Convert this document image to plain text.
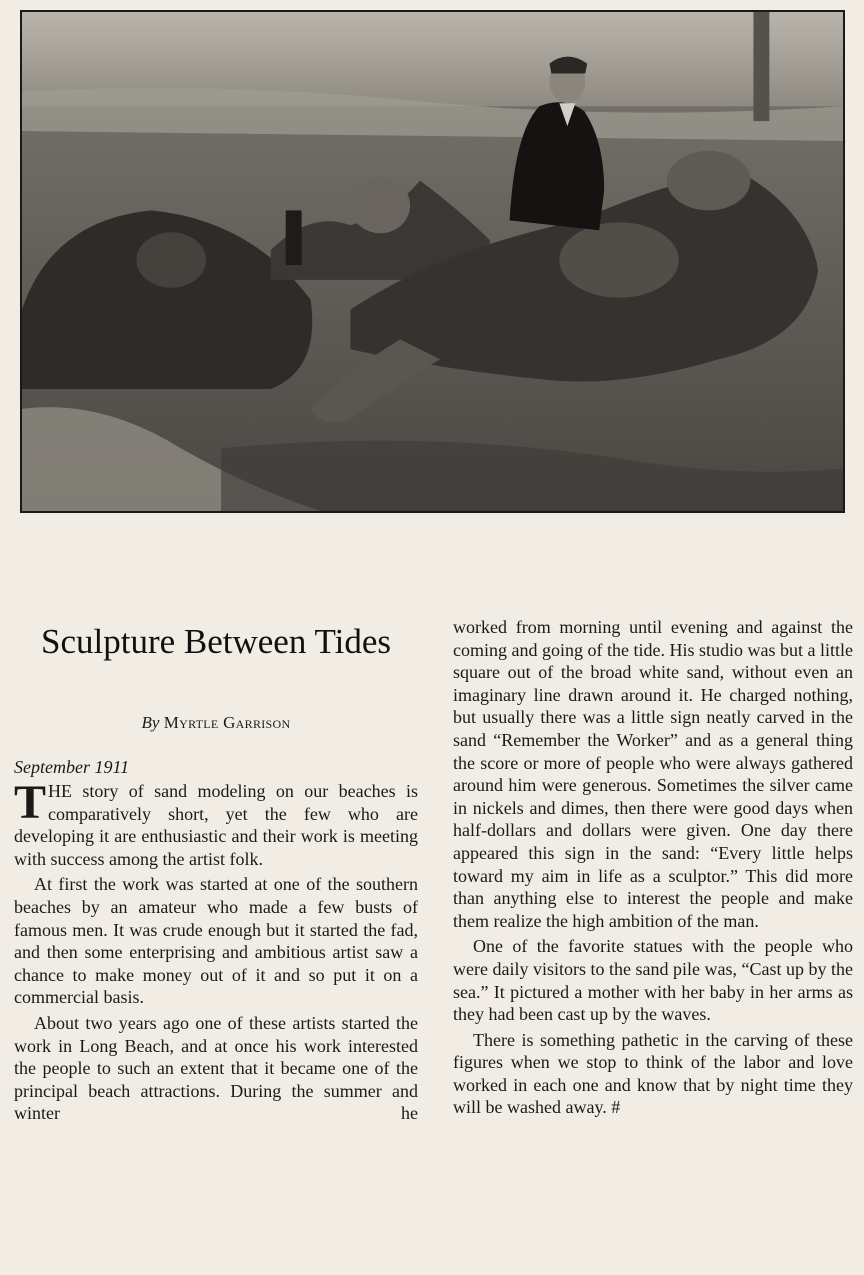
Sculpture Between Tides
By Myrtle Garrison
September 1911

THE story of sand modeling on our beaches is comparatively short, yet the few who are developing it are enthusiastic and their work is meeting with success among the artist folk.

At first the work was started at one of the southern beaches by an amateur who made a few busts of famous men. It was crude enough but it started the fad, and then some enterprising and ambitious artist saw a chance to make money out of it and so put it on a commercial basis.

About two years ago one of these artists started the work in Long Beach, and at once his work interested the people to such an extent that it became one of the principal beach attractions. During the summer and winter he

worked from morning until evening and against the coming and going of the tide. His studio was but a little square out of the broad white sand, without even an imaginary line drawn around it. He charged nothing, but usually there was a little sign neatly carved in the sand “Remember the Worker” and as a general thing the score or more of people who were always gathered around him were generous. Sometimes the silver came in nickels and dimes, then there were good days when half-dollars and dollars were given. One day there appeared this sign in the sand: “Every little helps toward my aim in life as a sculptor.” This did more than anything else to interest the people and make them realize the high ambition of the man.

One of the favorite statues with the people who were daily visitors to the sand pile was, “Cast up by the sea.” It pictured a mother with her baby in her arms as they had been cast up by the waves.

There is something pathetic in the carving of these figures when we stop to think of the labor and love worked in each one and know that by night time they will be washed away. #
